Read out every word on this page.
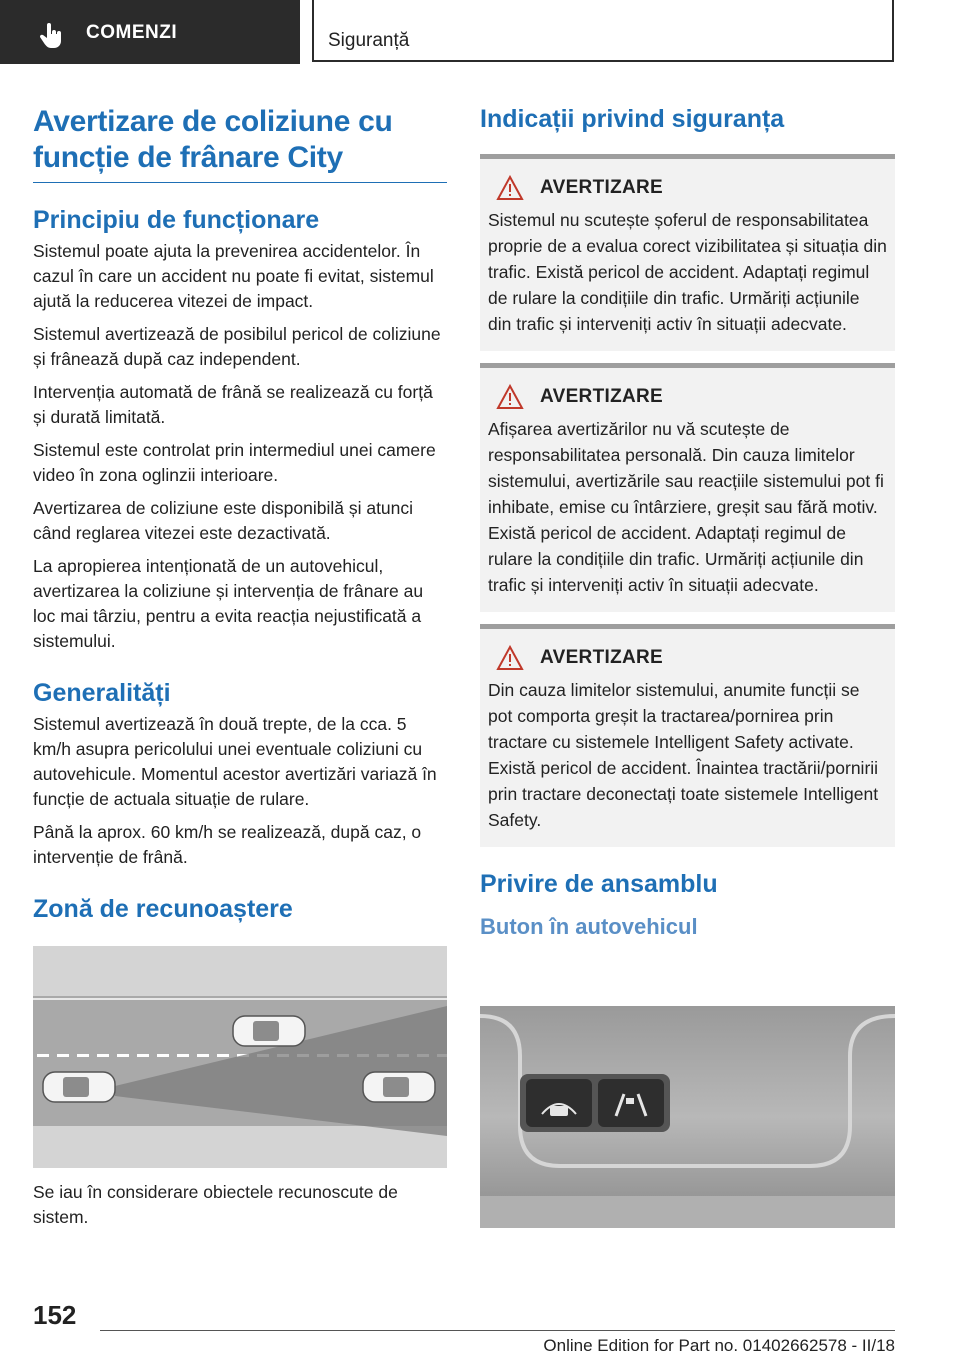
COMENZI	Siguranță
Avertizare de coliziune cu funcție de frânare City
Principiu de funcționare

Sistemul poate ajuta la prevenirea accidentelor. În cazul în care un accident nu poate fi evitat, sistemul ajută la reducerea vitezei de impact.

Sistemul avertizează de posibilul pericol de coliziune și frânează după caz independent.

Intervenția automată de frână se realizează cu forță și durată limitată.

Sistemul este controlat prin intermediul unei camere video în zona oglinzii interioare.

Avertizarea de coliziune este disponibilă și atunci când reglarea vitezei este dezactivată.

La apropierea intenționată de un autovehicul, avertizarea la coliziune și intervenția de frânare au loc mai târziu, pentru a evita reacția nejustificată a sistemului.

Generalități

Sistemul avertizează în două trepte, de la cca. 5 km/h asupra pericolului unei eventuale coliziuni cu autovehicule. Momentul acestor avertizări variază în funcție de actuala situație de rulare.

Până la aprox. 60 km/h se realizează, după caz, o intervenție de frână.

Zonă de recunoaștere

Se iau în considerare obiectele recunoscute de sistem.

Indicații privind siguranța
AVERTIZARE

Sistemul nu scutește șoferul de responsabilitatea proprie de a evalua corect vizibilitatea și situația din trafic. Există pericol de accident. Adaptați regimul de rulare la condițiile din trafic. Urmăriți acțiunile din trafic și interveniți activ în situații adecvate.

AVERTIZARE

Afișarea avertizărilor nu vă scutește de responsabilitatea personală. Din cauza limitelor sistemului, avertizările sau reacțiile sistemului pot fi inhibate, emise cu întârziere, greșit sau fără motiv. Există pericol de accident. Adaptați regimul de rulare la condițiile din trafic. Urmăriți acțiunile din trafic și interveniți activ în situații adecvate.

AVERTIZARE

Din cauza limitelor sistemului, anumite funcții se pot comporta greșit la tractarea/pornirea prin tractare cu sistemele Intelligent Safety activate. Există pericol de accident. Înaintea tractării/pornirii prin tractare deconectați toate sistemele Intelligent Safety.

Privire de ansamblu
Buton în autovehicul
152
Online Edition for Part no. 01402662578 - II/18
